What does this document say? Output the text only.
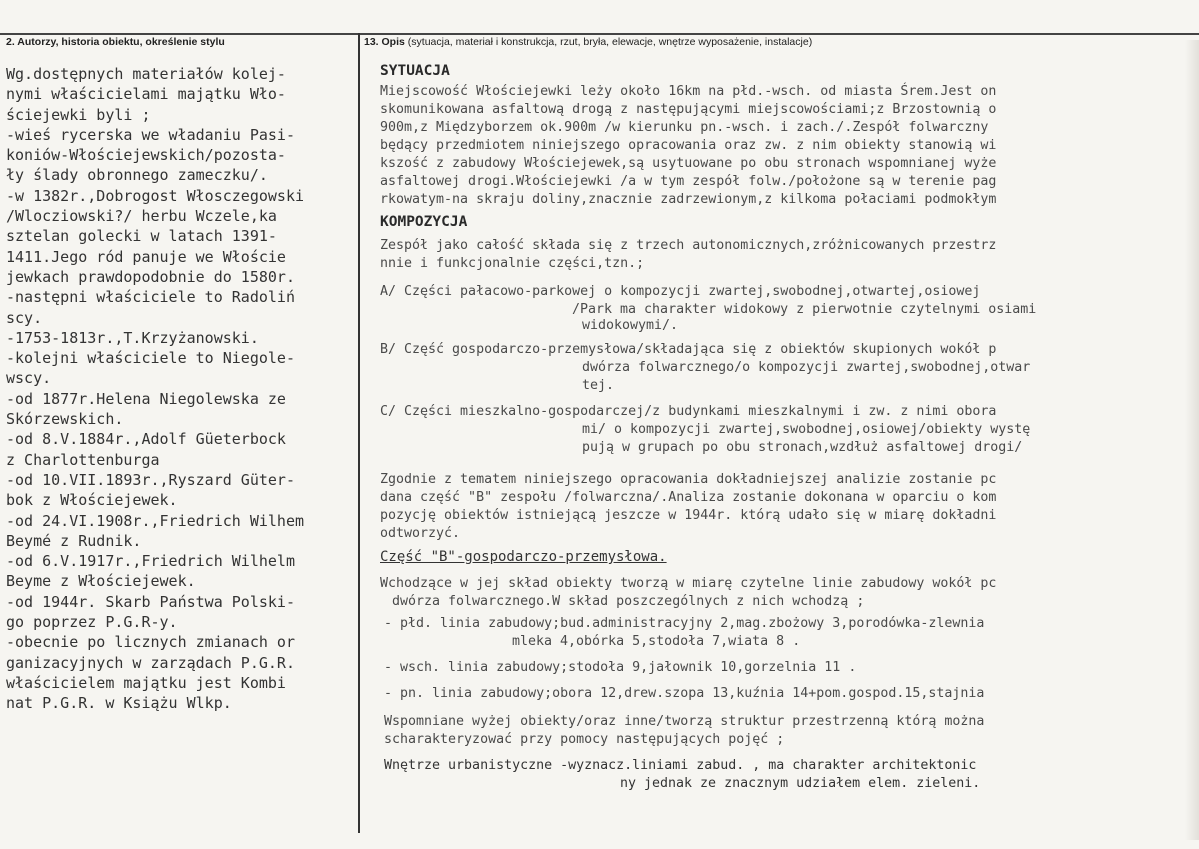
2. Autorzy, historia obiektu, określenie stylu	13. Opis (sytuacja, materiał i konstrukcja, rzut, bryła, elewacje, wnętrze wyposażenie, instalacje)
Wg.dostępnych materiałów kolej-
nymi właścicielami majątku Wło-
ściejewki byli ;
-wieś rycerska we władaniu Pasi-
koniów-Włościejewskich/pozosta-
ły ślady obronnego zameczku/.
-w 1382r.,Dobrogost Włosczegowski
/Wlocziowski?/ herbu Wczele,ka
sztelan golecki w latach 1391-
1411.Jego ród panuje we Włoście
jewkach prawdopodobnie do 1580r.
-następni właściciele to Radoliń
scy.
-1753-1813r.,T.Krzyżanowski.
-kolejni właściciele to Niegole-
wscy.
-od 1877r.Helena Niegolewska ze
Skórzewskich.
-od 8.V.1884r.,Adolf Güeterbock
z Charlottenburga
-od 10.VII.1893r.,Ryszard Güter-
bok z Włościejewek.
-od 24.VI.1908r.,Friedrich Wilhem
Beymé z Rudnik.
-od 6.V.1917r.,Friedrich Wilhelm
Beyme z Włościejewek.
-od 1944r. Skarb Państwa Polski-
go poprzez P.G.R-y.
-obecnie po licznych zmianach or
ganizacyjnych w zarządach P.G.R.
właścicielem majątku jest Kombi
nat P.G.R. w Książu Wlkp.
SYTUACJA
Miejscowość Włościejewki leży około 16km na płd.-wsch. od miasta Śrem.Jest on
skomunikowana asfaltową drogą z następującymi miejscowościami;z Brzostownią o
900m,z Międzyborzem ok.900m /w kierunku pn.-wsch. i zach./.Zespół folwarczny
będący przedmiotem niniejszego opracowania oraz zw. z nim obiekty stanowią wi
kszość z zabudowy Włościejewek,są usytuowane po obu stronach wspomnianej wyże
asfaltowej drogi.Włościejewki /a w tym zespół folw./położone są w terenie pag
rkowatym-na skraju doliny,znacznie zadrzewionym,z kilkoma połaciami podmokłym
KOMPOZYCJA
Zespół jako całość składa się z trzech autonomicznych,zróżnicowanych przestrz
nnie i funkcjonalnie części,tzn.;
A/ Części pałacowo-parkowej o kompozycji zwartej,swobodnej,otwartej,osiowej
/Park ma charakter widokowy z pierwotnie czytelnymi osiami
widokowymi/.
B/ Część gospodarczo-przemysłowa/składająca się z obiektów skupionych wokół p
dwórza folwarcznego/o kompozycji zwartej,swobodnej,otwar
tej.
C/ Części mieszkalno-gospodarczej/z budynkami mieszkalnymi i zw. z nimi obora
mi/ o kompozycji zwartej,swobodnej,osiowej/obiekty wystę
pują w grupach po obu stronach,wzdłuż asfaltowej drogi/
Zgodnie z tematem niniejszego opracowania dokładniejszej analizie zostanie pc
dana część "B" zespołu /folwarczna/.Analiza zostanie dokonana w oparciu o kom
pozycję obiektów istniejącą jeszcze w 1944r. którą udało się w miarę dokładni
odtworzyć.
Część "B"-gospodarczo-przemysłowa.
Wchodzące w jej skład obiekty tworzą w miarę czytelne linie zabudowy wokół pc
dwórza folwarcznego.W skład poszczególnych z nich wchodzą ;
- płd. linia zabudowy;bud.administracyjny 2,mag.zbożowy 3,porodówka-zlewnia
mleka 4,obórka 5,stodoła 7,wiata 8 .
- wsch. linia zabudowy;stodoła 9,jałownik 10,gorzelnia 11 .
- pn. linia zabudowy;obora 12,drew.szopa 13,kuźnia 14+pom.gospod.15,stajnia
Wspomniane wyżej obiekty/oraz inne/tworzą struktur przestrzenną którą można
scharakteryzować przy pomocy następujących pojęć ;
Wnętrze urbanistyczne -wyznacz.liniami zabud. , ma charakter architektonic
ny jednak ze znacznym udziałem elem. zieleni.
